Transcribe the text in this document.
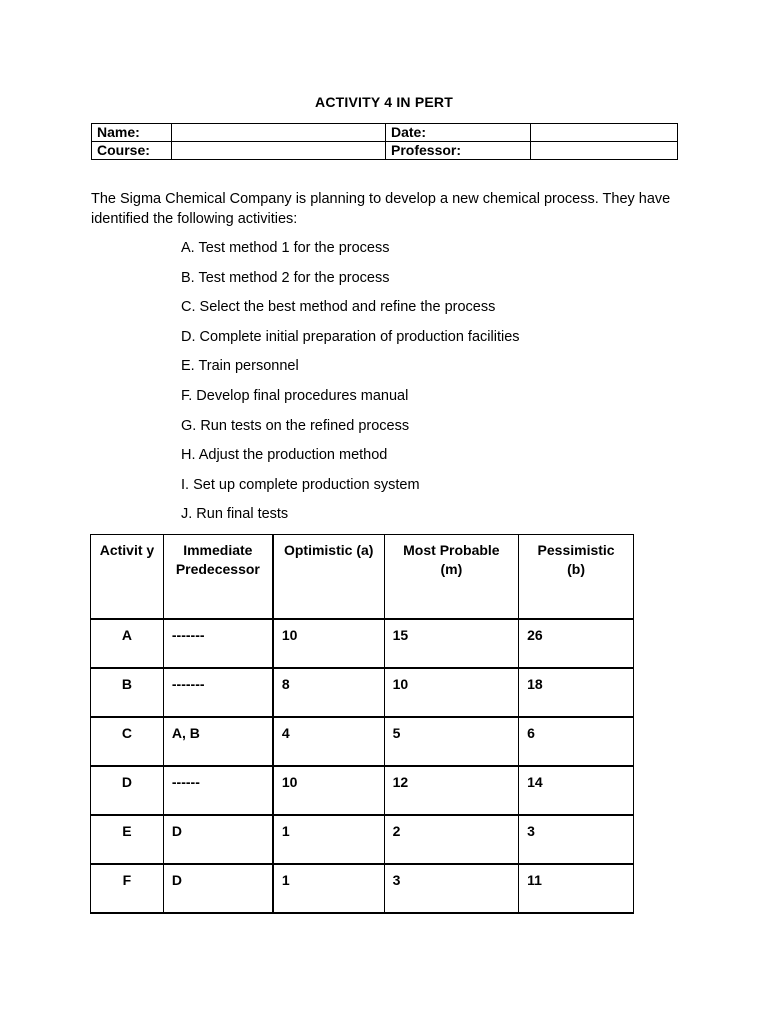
ACTIVITY 4 IN PERT
Name:		Date:	
Course:		Professor:	
The Sigma Chemical Company is planning to develop a new chemical process. They have identified the following activities:
A. Test method 1 for the process
B. Test method 2 for the process
C. Select the best method and refine the process
D. Complete initial preparation of production facilities
E. Train personnel
F. Develop final procedures manual
G. Run tests on the refined process
H. Adjust the production method
I. Set up complete production system
J. Run final tests
Activit y	Immediate Predecessor	Optimistic (a)	Most Probable (m)	Pessimistic (b)
A	-------	10	15	26
B	-------	8	10	18
C	A, B	4	5	6
D	------	10	12	14
E	D	1	2	3
F	D	1	3	11
